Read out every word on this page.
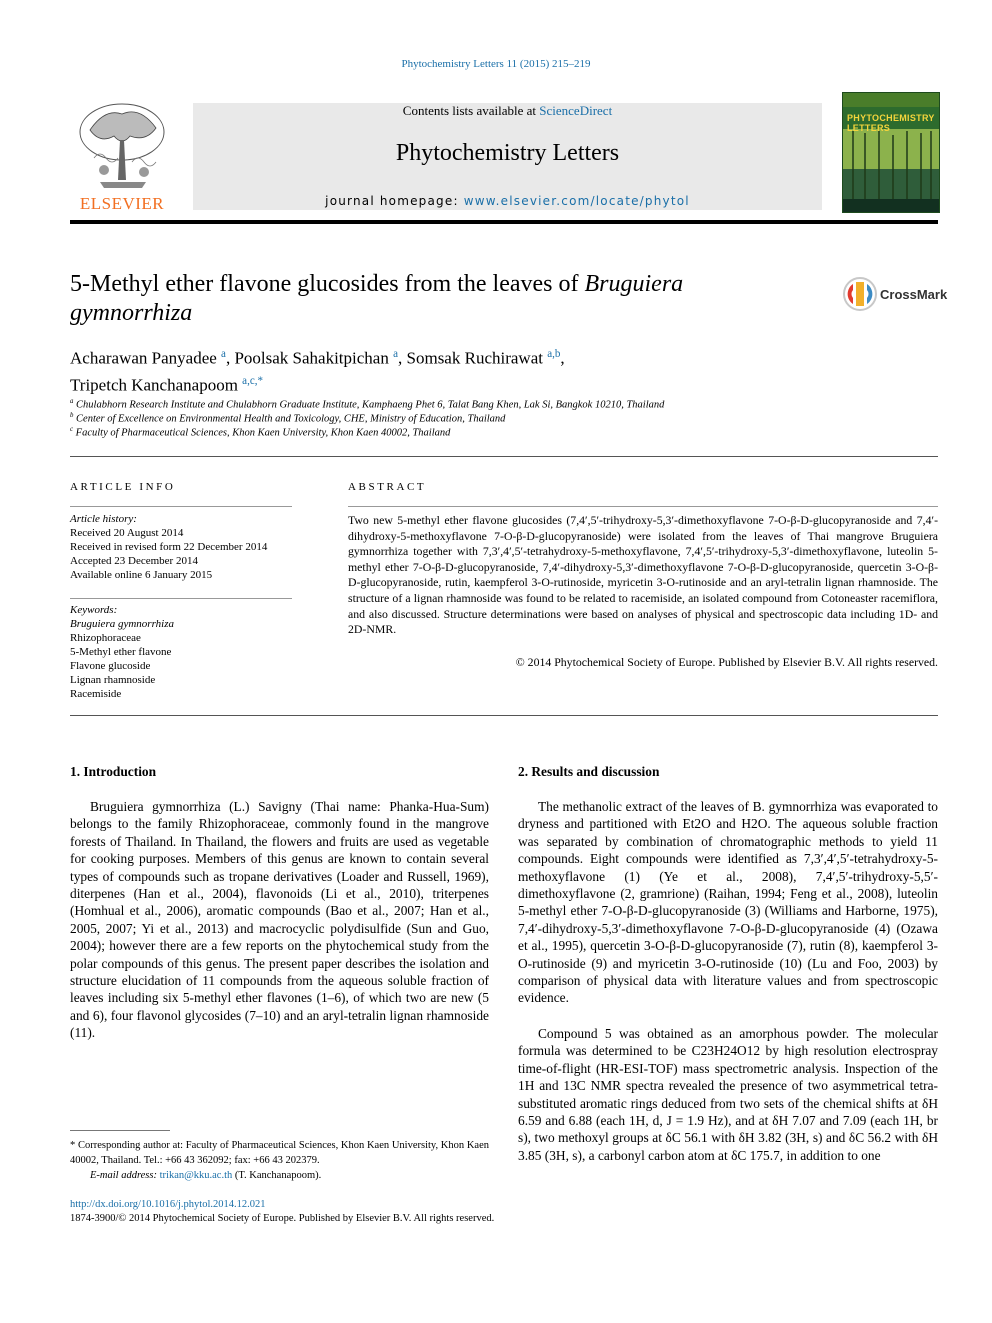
Phytochemistry Letters 11 (2015) 215–219
ELSEVIER
Contents lists available at ScienceDirect
Phytochemistry Letters
journal homepage: www.elsevier.com/locate/phytol
PHYTOCHEMISTRY LETTERS
5-Methyl ether flavone glucosides from the leaves of Bruguiera gymnorrhiza
CrossMark
Acharawan Panyadee $^a$, Poolsak Sahakitpichan $^a$, Somsak Ruchirawat $^{a,b}$,
Tripetch Kanchanapoom $^{a,c,*}$
$^a$ Chulabhorn Research Institute and Chulabhorn Graduate Institute, Kamphaeng Phet 6, Talat Bang Khen, Lak Si, Bangkok 10210, Thailand
$^b$ Center of Excellence on Environmental Health and Toxicology, CHE, Ministry of Education, Thailand
$^c$ Faculty of Pharmaceutical Sciences, Khon Kaen University, Khon Kaen 40002, Thailand
ARTICLE INFO
Article history:
Received 20 August 2014
Received in revised form 22 December 2014
Accepted 23 December 2014
Available online 6 January 2015
Keywords:
Bruguiera gymnorrhiza
Rhizophoraceae
5-Methyl ether flavone
Flavone glucoside
Lignan rhamnoside
Racemiside
ABSTRACT
Two new 5-methyl ether flavone glucosides (7,4′,5′-trihydroxy-5,3′-dimethoxyflavone 7-O-β-D-glucopyranoside and 7,4′-dihydroxy-5-methoxyflavone 7-O-β-D-glucopyranoside) were isolated from the leaves of Thai mangrove Bruguiera gymnorrhiza together with 7,3′,4′,5′-tetrahydroxy-5-methoxyflavone, 7,4′,5′-trihydroxy-5,3′-dimethoxyflavone, luteolin 5-methyl ether 7-O-β-D-glucopyranoside, 7,4′-dihydroxy-5,3′-dimethoxyflavone 7-O-β-D-glucopyranoside, quercetin 3-O-β-D-glucopyranoside, rutin, kaempferol 3-O-rutinoside, myricetin 3-O-rutinoside and an aryl-tetralin lignan rhamnoside. The structure of a lignan rhamnoside was found to be related to racemiside, an isolated compound from Cotoneaster racemiflora, and also discussed. Structure determinations were based on analyses of physical and spectroscopic data including 1D- and 2D-NMR.
© 2014 Phytochemical Society of Europe. Published by Elsevier B.V. All rights reserved.
1. Introduction
Bruguiera gymnorrhiza (L.) Savigny (Thai name: Phanka-Hua-Sum) belongs to the family Rhizophoraceae, commonly found in the mangrove forests of Thailand. In Thailand, the flowers and fruits are used as vegetable for cooking purposes. Members of this genus are known to contain several types of compounds such as tropane derivatives (Loader and Russell, 1969), diterpenes (Han et al., 2004), flavonoids (Li et al., 2010), triterpenes (Homhual et al., 2006), aromatic compounds (Bao et al., 2007; Han et al., 2005, 2007; Yi et al., 2013) and macrocyclic polydisulfide (Sun and Guo, 2004); however there are a few reports on the phytochemical study from the polar compounds of this genus. The present paper describes the isolation and structure elucidation of 11 compounds from the aqueous soluble fraction of leaves including six 5-methyl ether flavones (1–6), of which two are new (5 and 6), four flavonol glycosides (7–10) and an aryl-tetralin lignan rhamnoside (11).
2. Results and discussion
The methanolic extract of the leaves of B. gymnorrhiza was evaporated to dryness and partitioned with Et2O and H2O. The aqueous soluble fraction was separated by combination of chromatographic methods to yield 11 compounds. Eight compounds were identified as 7,3′,4′,5′-tetrahydroxy-5-methoxyflavone (1) (Ye et al., 2008), 7,4′,5′-trihydroxy-5,5′-dimethoxyflavone (2, gramrione) (Raihan, 1994; Feng et al., 2008), luteolin 5-methyl ether 7-O-β-D-glucopyranoside (3) (Williams and Harborne, 1975), 7,4′-dihydroxy-5,3′-dimethoxyflavone 7-O-β-D-glucopyranoside (4) (Ozawa et al., 1995), quercetin 3-O-β-D-glucopyranoside (7), rutin (8), kaempferol 3-O-rutinoside (9) and myricetin 3-O-rutinoside (10) (Lu and Foo, 2003) by comparison of physical data with literature values and from spectroscopic evidence.
Compound 5 was obtained as an amorphous powder. The molecular formula was determined to be C23H24O12 by high resolution electrospray time-of-flight (HR-ESI-TOF) mass spectrometric analysis. Inspection of the 1H and 13C NMR spectra revealed the presence of two asymmetrical tetra-substituted aromatic rings deduced from two sets of the chemical shifts at δH 6.59 and 6.88 (each 1H, d, J = 1.9 Hz), and at δH 7.07 and 7.09 (each 1H, br s), two methoxyl groups at δC 56.1 with δH 3.82 (3H, s) and δC 56.2 with δH 3.85 (3H, s), a carbonyl carbon atom at δC 175.7, in addition to one
* Corresponding author at: Faculty of Pharmaceutical Sciences, Khon Kaen University, Khon Kaen 40002, Thailand. Tel.: +66 43 362092; fax: +66 43 202379.
E-mail address: trikan@kku.ac.th (T. Kanchanapoom).
http://dx.doi.org/10.1016/j.phytol.2014.12.021
1874-3900/© 2014 Phytochemical Society of Europe. Published by Elsevier B.V. All rights reserved.
